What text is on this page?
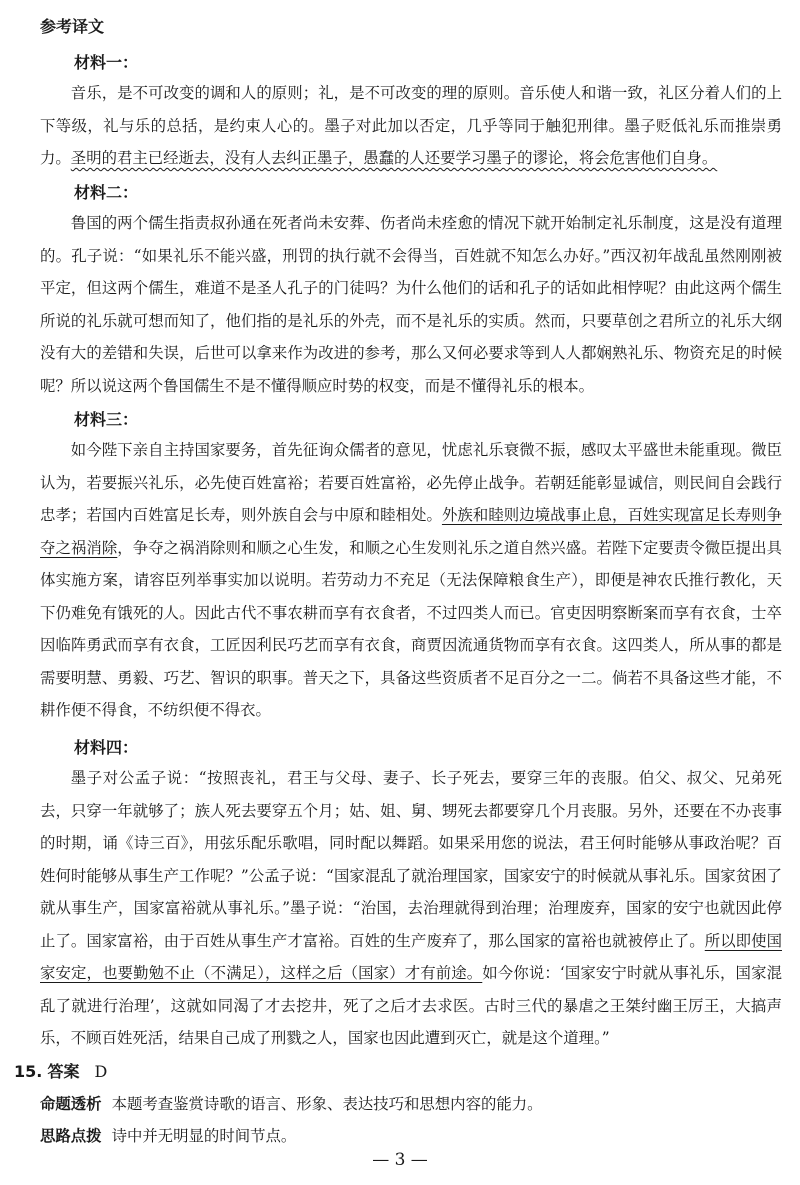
参考译文
材料一：

音乐，是不可改变的调和人的原则；礼，是不可改变的理的原则。音乐使人和谐一致，礼区分着人们的上下等级，礼与乐的总括，是约束人心的。墨子对此加以否定，几乎等同于触犯刑律。墨子贬低礼乐而推崇勇力。圣明的君主已经逝去，没有人去纠正墨子，愚蠢的人还要学习墨子的谬论，将会危害他们自身。

材料二：

鲁国的两个儒生指责叔孙通在死者尚未安葬、伤者尚未痊愈的情况下就开始制定礼乐制度，这是没有道理的。孔子说：“如果礼乐不能兴盛，刑罚的执行就不会得当，百姓就不知怎么办好。”西汉初年战乱虽然刚刚被平定，但这两个儒生，难道不是圣人孔子的门徒吗？为什么他们的话和孔子的话如此相悖呢？由此这两个儒生所说的礼乐就可想而知了，他们指的是礼乐的外壳，而不是礼乐的实质。然而，只要草创之君所立的礼乐大纲没有大的差错和失误，后世可以拿来作为改进的参考，那么又何必要求等到人人都娴熟礼乐、物资充足的时候呢？所以说这两个鲁国儒生不是不懂得顺应时势的权变，而是不懂得礼乐的根本。

材料三：

如今陛下亲自主持国家要务，首先征询众儒者的意见，忧虑礼乐衰微不振，感叹太平盛世未能重现。微臣认为，若要振兴礼乐，必先使百姓富裕；若要百姓富裕，必先停止战争。若朝廷能彰显诚信，则民间自会践行忠孝；若国内百姓富足长寿，则外族自会与中原和睦相处。外族和睦则边境战事止息，百姓实现富足长寿则争夺之祸消除，争夺之祸消除则和顺之心生发，和顺之心生发则礼乐之道自然兴盛。若陛下定要责令微臣提出具体实施方案，请容臣列举事实加以说明。若劳动力不充足（无法保障粮食生产），即便是神农氏推行教化，天下仍难免有饿死的人。因此古代不事农耕而享有衣食者，不过四类人而已。官吏因明察断案而享有衣食，士卒因临阵勇武而享有衣食，工匠因利民巧艺而享有衣食，商贾因流通货物而享有衣食。这四类人，所从事的都是需要明慧、勇毅、巧艺、智识的职事。普天之下，具备这些资质者不足百分之一二。倘若不具备这些才能，不耕作便不得食，不纺织便不得衣。

材料四：

墨子对公孟子说：“按照丧礼，君王与父母、妻子、长子死去，要穿三年的丧服。伯父、叔父、兄弟死去，只穿一年就够了；族人死去要穿五个月；姑、姐、舅、甥死去都要穿几个月丧服。另外，还要在不办丧事的时期，诵《诗三百》，用弦乐配乐歌唱，同时配以舞蹈。如果采用您的说法，君王何时能够从事政治呢？百姓何时能够从事生产工作呢？”公孟子说：“国家混乱了就治理国家，国家安宁的时候就从事礼乐。国家贫困了就从事生产，国家富裕就从事礼乐。”墨子说：“治国，去治理就得到治理；治理废弃，国家的安宁也就因此停止了。国家富裕，由于百姓从事生产才富裕。百姓的生产废弃了，那么国家的富裕也就被停止了。所以即使国家安定，也要勤勉不止（不满足），这样之后（国家）才有前途。如今你说：‘国家安宁时就从事礼乐，国家混乱了就进行治理’，这就如同渴了才去挖井，死了之后才去求医。古时三代的暴虐之王桀纣幽王厉王，大搞声乐，不顾百姓死活，结果自己成了刑戮之人，国家也因此遭到灭亡，就是这个道理。”

15. 答案 D
命题透析 本题考查鉴赏诗歌的语言、形象、表达技巧和思想内容的能力。
思路点拨 诗中并无明显的时间节点。
— 3 —
